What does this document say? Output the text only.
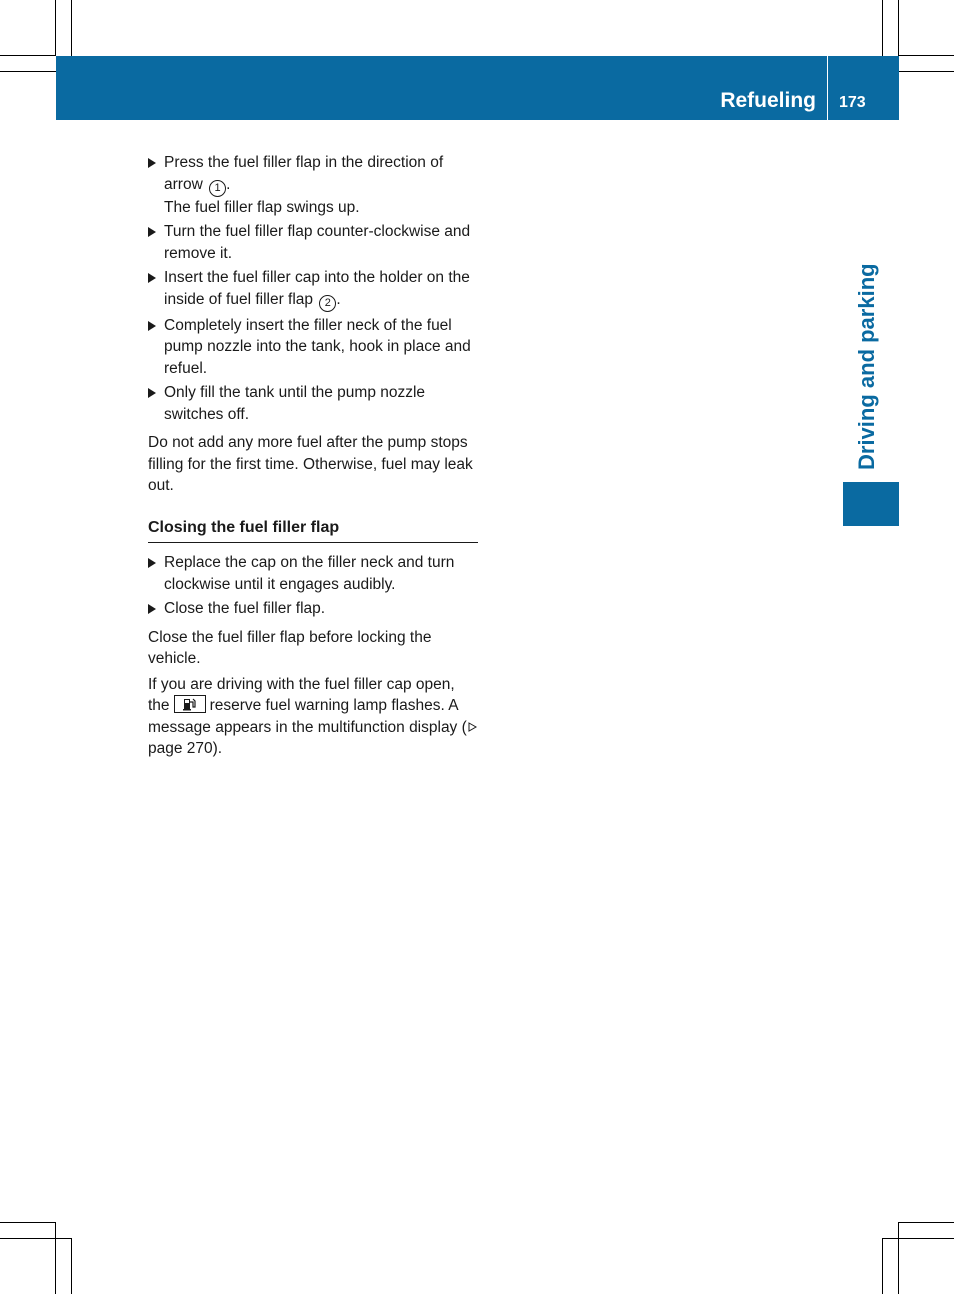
Refueling 173
Driving and parking
Press the fuel filler flap in the direction of arrow 1 .
The fuel filler flap swings up.
Turn the fuel filler flap counter-clockwise and remove it.
Insert the fuel filler cap into the holder on the inside of fuel filler flap 2 .
Completely insert the filler neck of the fuel pump nozzle into the tank, hook in place and refuel.
Only fill the tank until the pump nozzle switches off.
Do not add any more fuel after the pump stops filling for the first time. Otherwise, fuel may leak out.
Closing the fuel filler flap
Replace the cap on the filler neck and turn clockwise until it engages audibly.
Close the fuel filler flap.
Close the fuel filler flap before locking the vehicle.
If you are driving with the fuel filler cap open, the	reserve fuel warning lamp flashes. A message appears in the multifunction display (
page 270).
